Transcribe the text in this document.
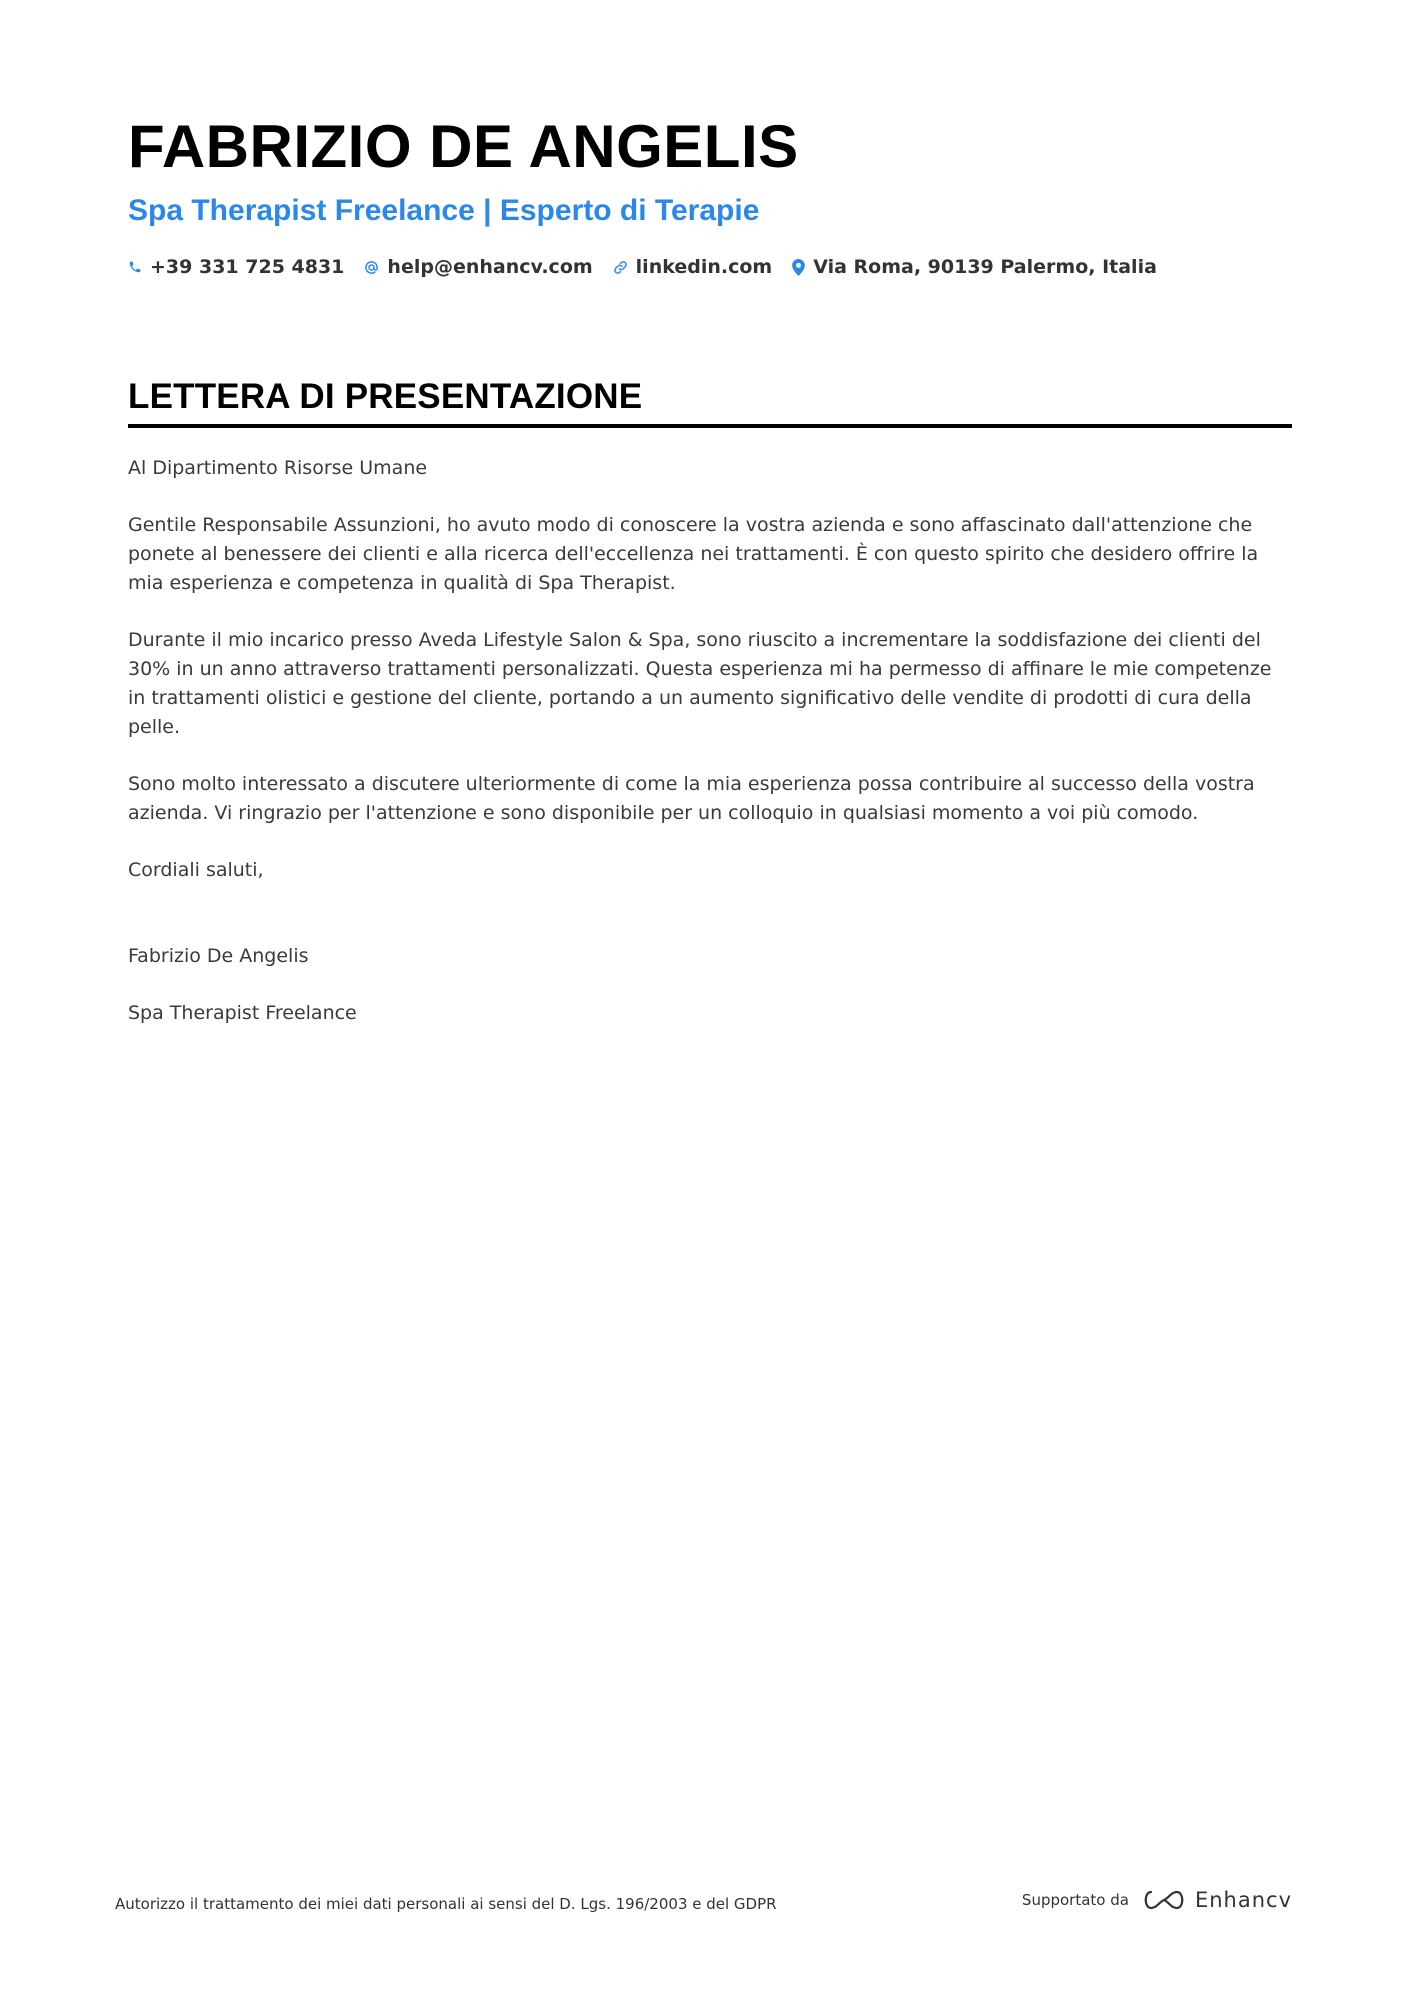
FABRIZIO DE ANGELIS
Spa Therapist Freelance | Esperto di Terapie
+39 331 725 4831 help@enhancv.com linkedin.com Via Roma, 90139 Palermo, Italia
LETTERA DI PRESENTAZIONE

Al Dipartimento Risorse Umane

Gentile Responsabile Assunzioni, ho avuto modo di conoscere la vostra azienda e sono affascinato dall'attenzione che ponete al benessere dei clienti e alla ricerca dell'eccellenza nei trattamenti. È con questo spirito che desidero offrire la mia esperienza e competenza in qualità di Spa Therapist.

Durante il mio incarico presso Aveda Lifestyle Salon & Spa, sono riuscito a incrementare la soddisfazione dei clienti del 30% in un anno attraverso trattamenti personalizzati. Questa esperienza mi ha permesso di affinare le mie competenze in trattamenti olistici e gestione del cliente, portando a un aumento significativo delle vendite di prodotti di cura della pelle.

Sono molto interessato a discutere ulteriormente di come la mia esperienza possa contribuire al successo della vostra azienda. Vi ringrazio per l'attenzione e sono disponibile per un colloquio in qualsiasi momento a voi più comodo.

Cordiali saluti,

Fabrizio De Angelis

Spa Therapist Freelance

Autorizzo il trattamento dei miei dati personali ai sensi del D. Lgs. 196/2003 e del GDPR	Supportato da	Enhancv
